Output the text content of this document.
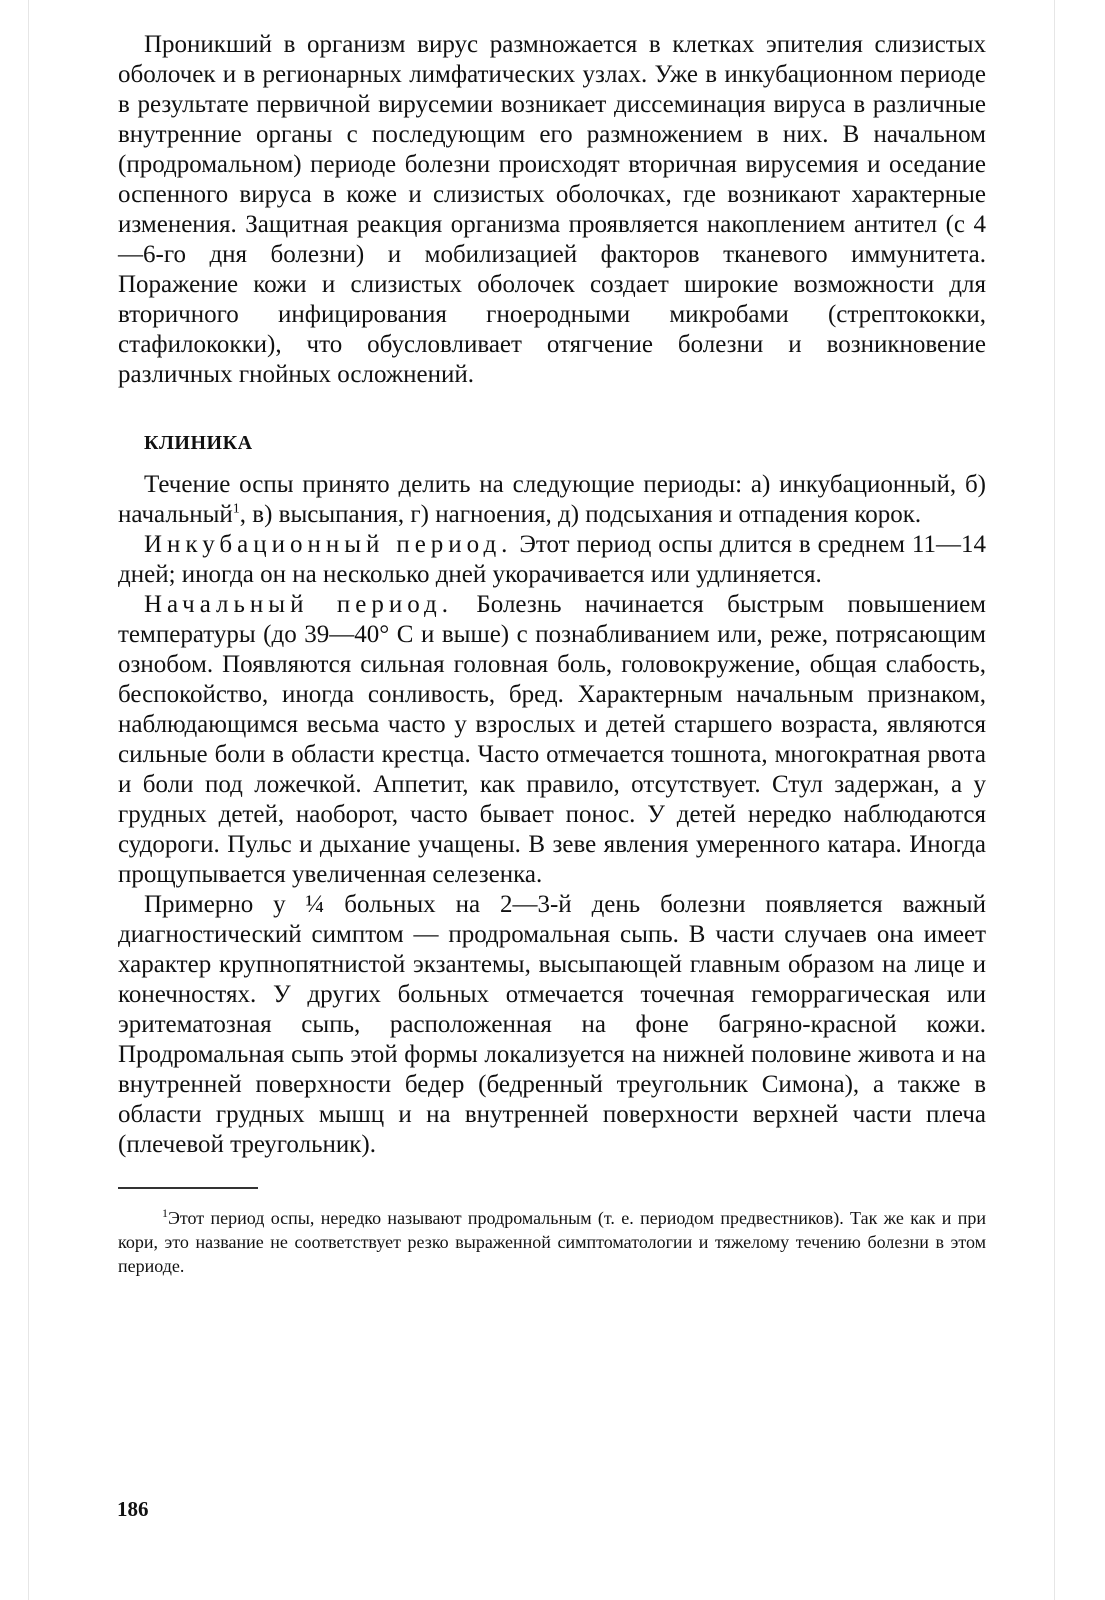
Проникший в организм вирус размножается в клетках эпителия слизистых оболочек и в регионарных лимфатических узлах. Уже в инкубационном периоде в результате первичной вирусемии возникает диссеминация вируса в различные внутренние органы с последующим его размножением в них. В начальном (продромальном) периоде болезни происходят вторичная вирусемия и оседание оспенного вируса в коже и слизистых оболочках, где возникают характерные изменения. Защитная реакция организма проявляется накоплением антител (с 4—6-го дня болезни) и мобилизацией факторов тканевого иммунитета. Поражение кожи и слизистых оболочек создает широкие возможности для вторичного инфицирования гноеродными микробами (стрептококки, стафилококки), что обусловливает отягчение болезни и возникновение различных гнойных осложнений.

КЛИНИКА

Течение оспы принято делить на следующие периоды: а) инкубационный, б) начальный$^1$, в) высыпания, г) нагноения, д) подсыхания и отпадения корок.

Инкубационный период. Этот период оспы длится в среднем 11—14 дней; иногда он на несколько дней укорачивается или удлиняется.

Начальный период. Болезнь начинается быстрым повышением температуры (до 39—40° С и выше) с познабливанием или, реже, потрясающим ознобом. Появляются сильная головная боль, головокружение, общая слабость, беспокойство, иногда сонливость, бред. Характерным начальным признаком, наблюдающимся весьма часто у взрослых и детей старшего возраста, являются сильные боли в области крестца. Часто отмечается тошнота, многократная рвота и боли под ложечкой. Аппетит, как правило, отсутствует. Стул задержан, а у грудных детей, наоборот, часто бывает понос. У детей нередко наблюдаются судороги. Пульс и дыхание учащены. В зеве явления умеренного катара. Иногда прощупывается увеличенная селезенка.

Примерно у ¼ больных на 2—3-й день болезни появляется важный диагностический симптом — продромальная сыпь. В части случаев она имеет характер крупнопятнистой экзантемы, высыпающей главным образом на лице и конечностях. У других больных отмечается точечная геморрагическая или эритематозная сыпь, расположенная на фоне багряно-красной кожи. Продромальная сыпь этой формы локализуется на нижней половине живота и на внутренней поверхности бедер (бедренный треугольник Симона), а также в области грудных мышц и на внутренней поверхности верхней части плеча (плечевой треугольник).

$^1$Этот период оспы, нередко называют продромальным (т. е. периодом предвестников). Так же как и при кори, это название не соответствует резко выраженной симптоматологии и тяжелому течению болезни в этом периоде.

186
